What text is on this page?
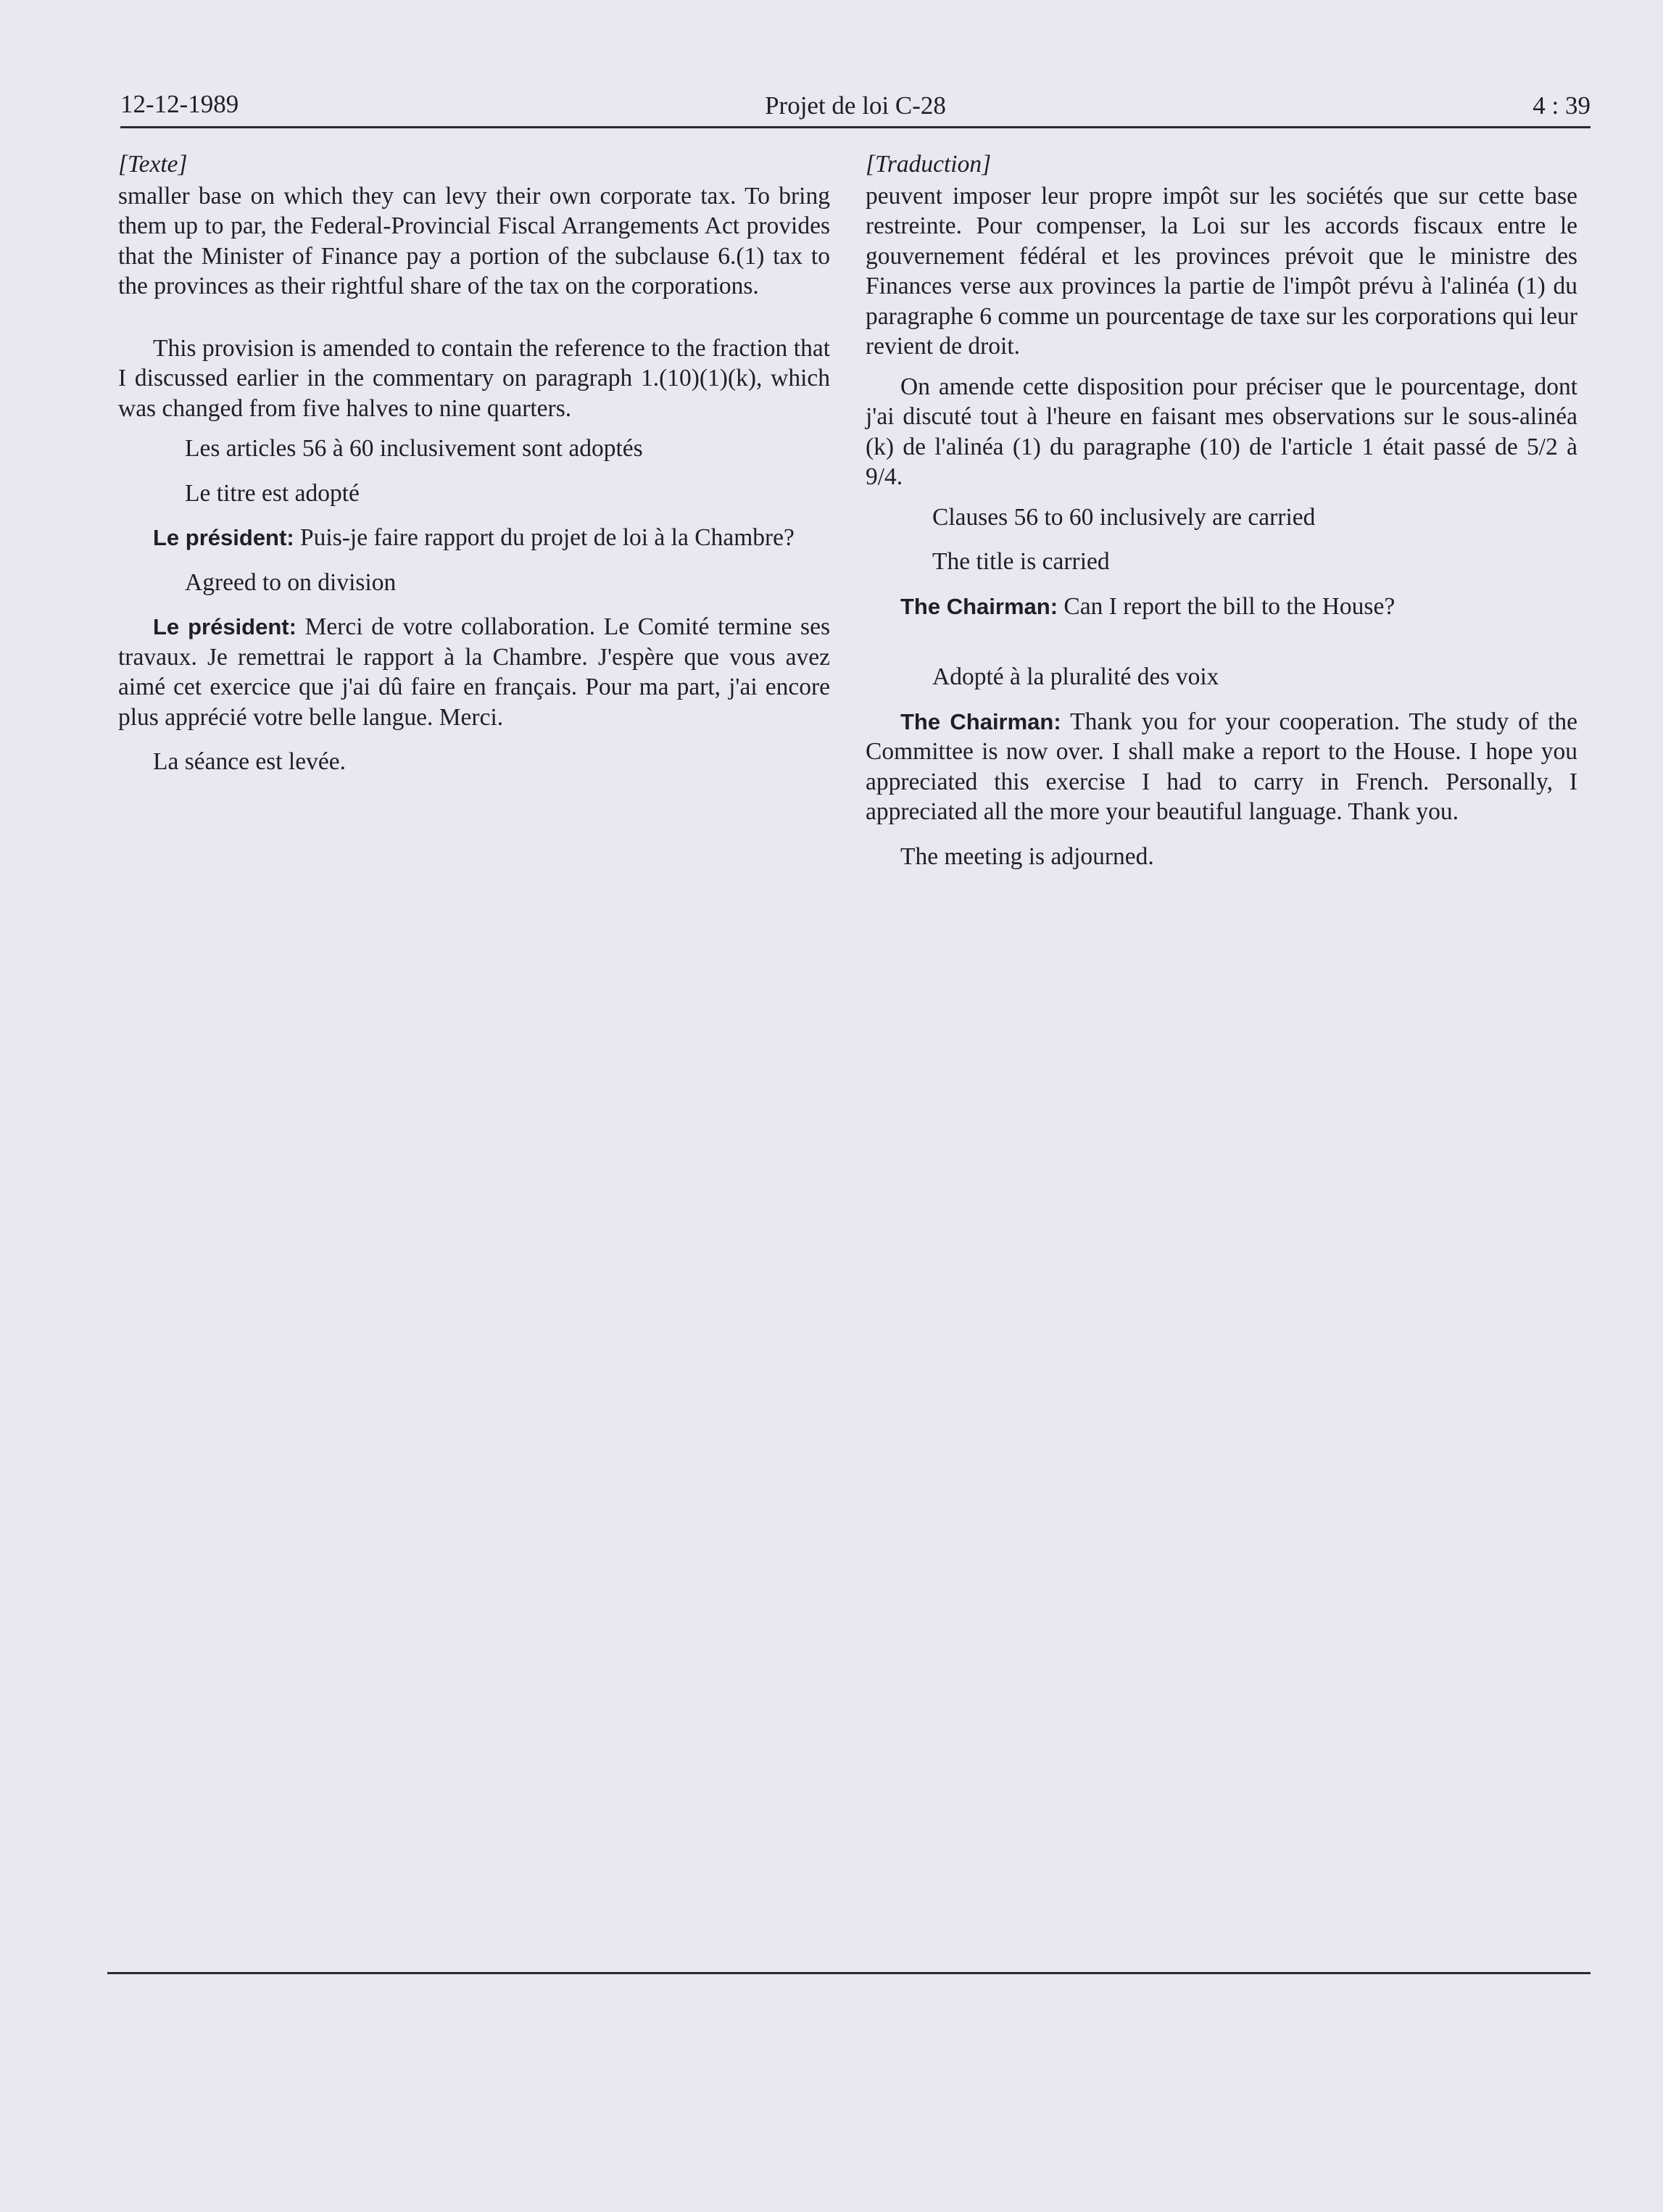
12-12-1989	Projet de loi C-28	4 : 39

[Texte]

smaller base on which they can levy their own corporate tax. To bring them up to par, the Federal-Provincial Fiscal Arrangements Act provides that the Minister of Finance pay a portion of the subclause 6.(1) tax to the provinces as their rightful share of the tax on the corporations.

This provision is amended to contain the reference to the fraction that I discussed earlier in the commentary on paragraph 1.(10)(1)(k), which was changed from five halves to nine quarters.

Les articles 56 à 60 inclusivement sont adoptés

Le titre est adopté

Le président: Puis-je faire rapport du projet de loi à la Chambre?

Agreed to on division

Le président: Merci de votre collaboration. Le Comité termine ses travaux. Je remettrai le rapport à la Chambre. J'espère que vous avez aimé cet exercice que j'ai dû faire en français. Pour ma part, j'ai encore plus apprécié votre belle langue. Merci.

La séance est levée.

[Traduction]

peuvent imposer leur propre impôt sur les sociétés que sur cette base restreinte. Pour compenser, la Loi sur les accords fiscaux entre le gouvernement fédéral et les provinces prévoit que le ministre des Finances verse aux provinces la partie de l'impôt prévu à l'alinéa (1) du paragraphe 6 comme un pourcentage de taxe sur les corporations qui leur revient de droit.

On amende cette disposition pour préciser que le pourcentage, dont j'ai discuté tout à l'heure en faisant mes observations sur le sous-alinéa (k) de l'alinéa (1) du paragraphe (10) de l'article 1 était passé de 5/2 à 9/4.

Clauses 56 to 60 inclusively are carried

The title is carried

The Chairman: Can I report the bill to the House?

Adopté à la pluralité des voix

The Chairman: Thank you for your cooperation. The study of the Committee is now over. I shall make a report to the House. I hope you appreciated this exercise I had to carry in French. Personally, I appreciated all the more your beautiful language. Thank you.

The meeting is adjourned.
